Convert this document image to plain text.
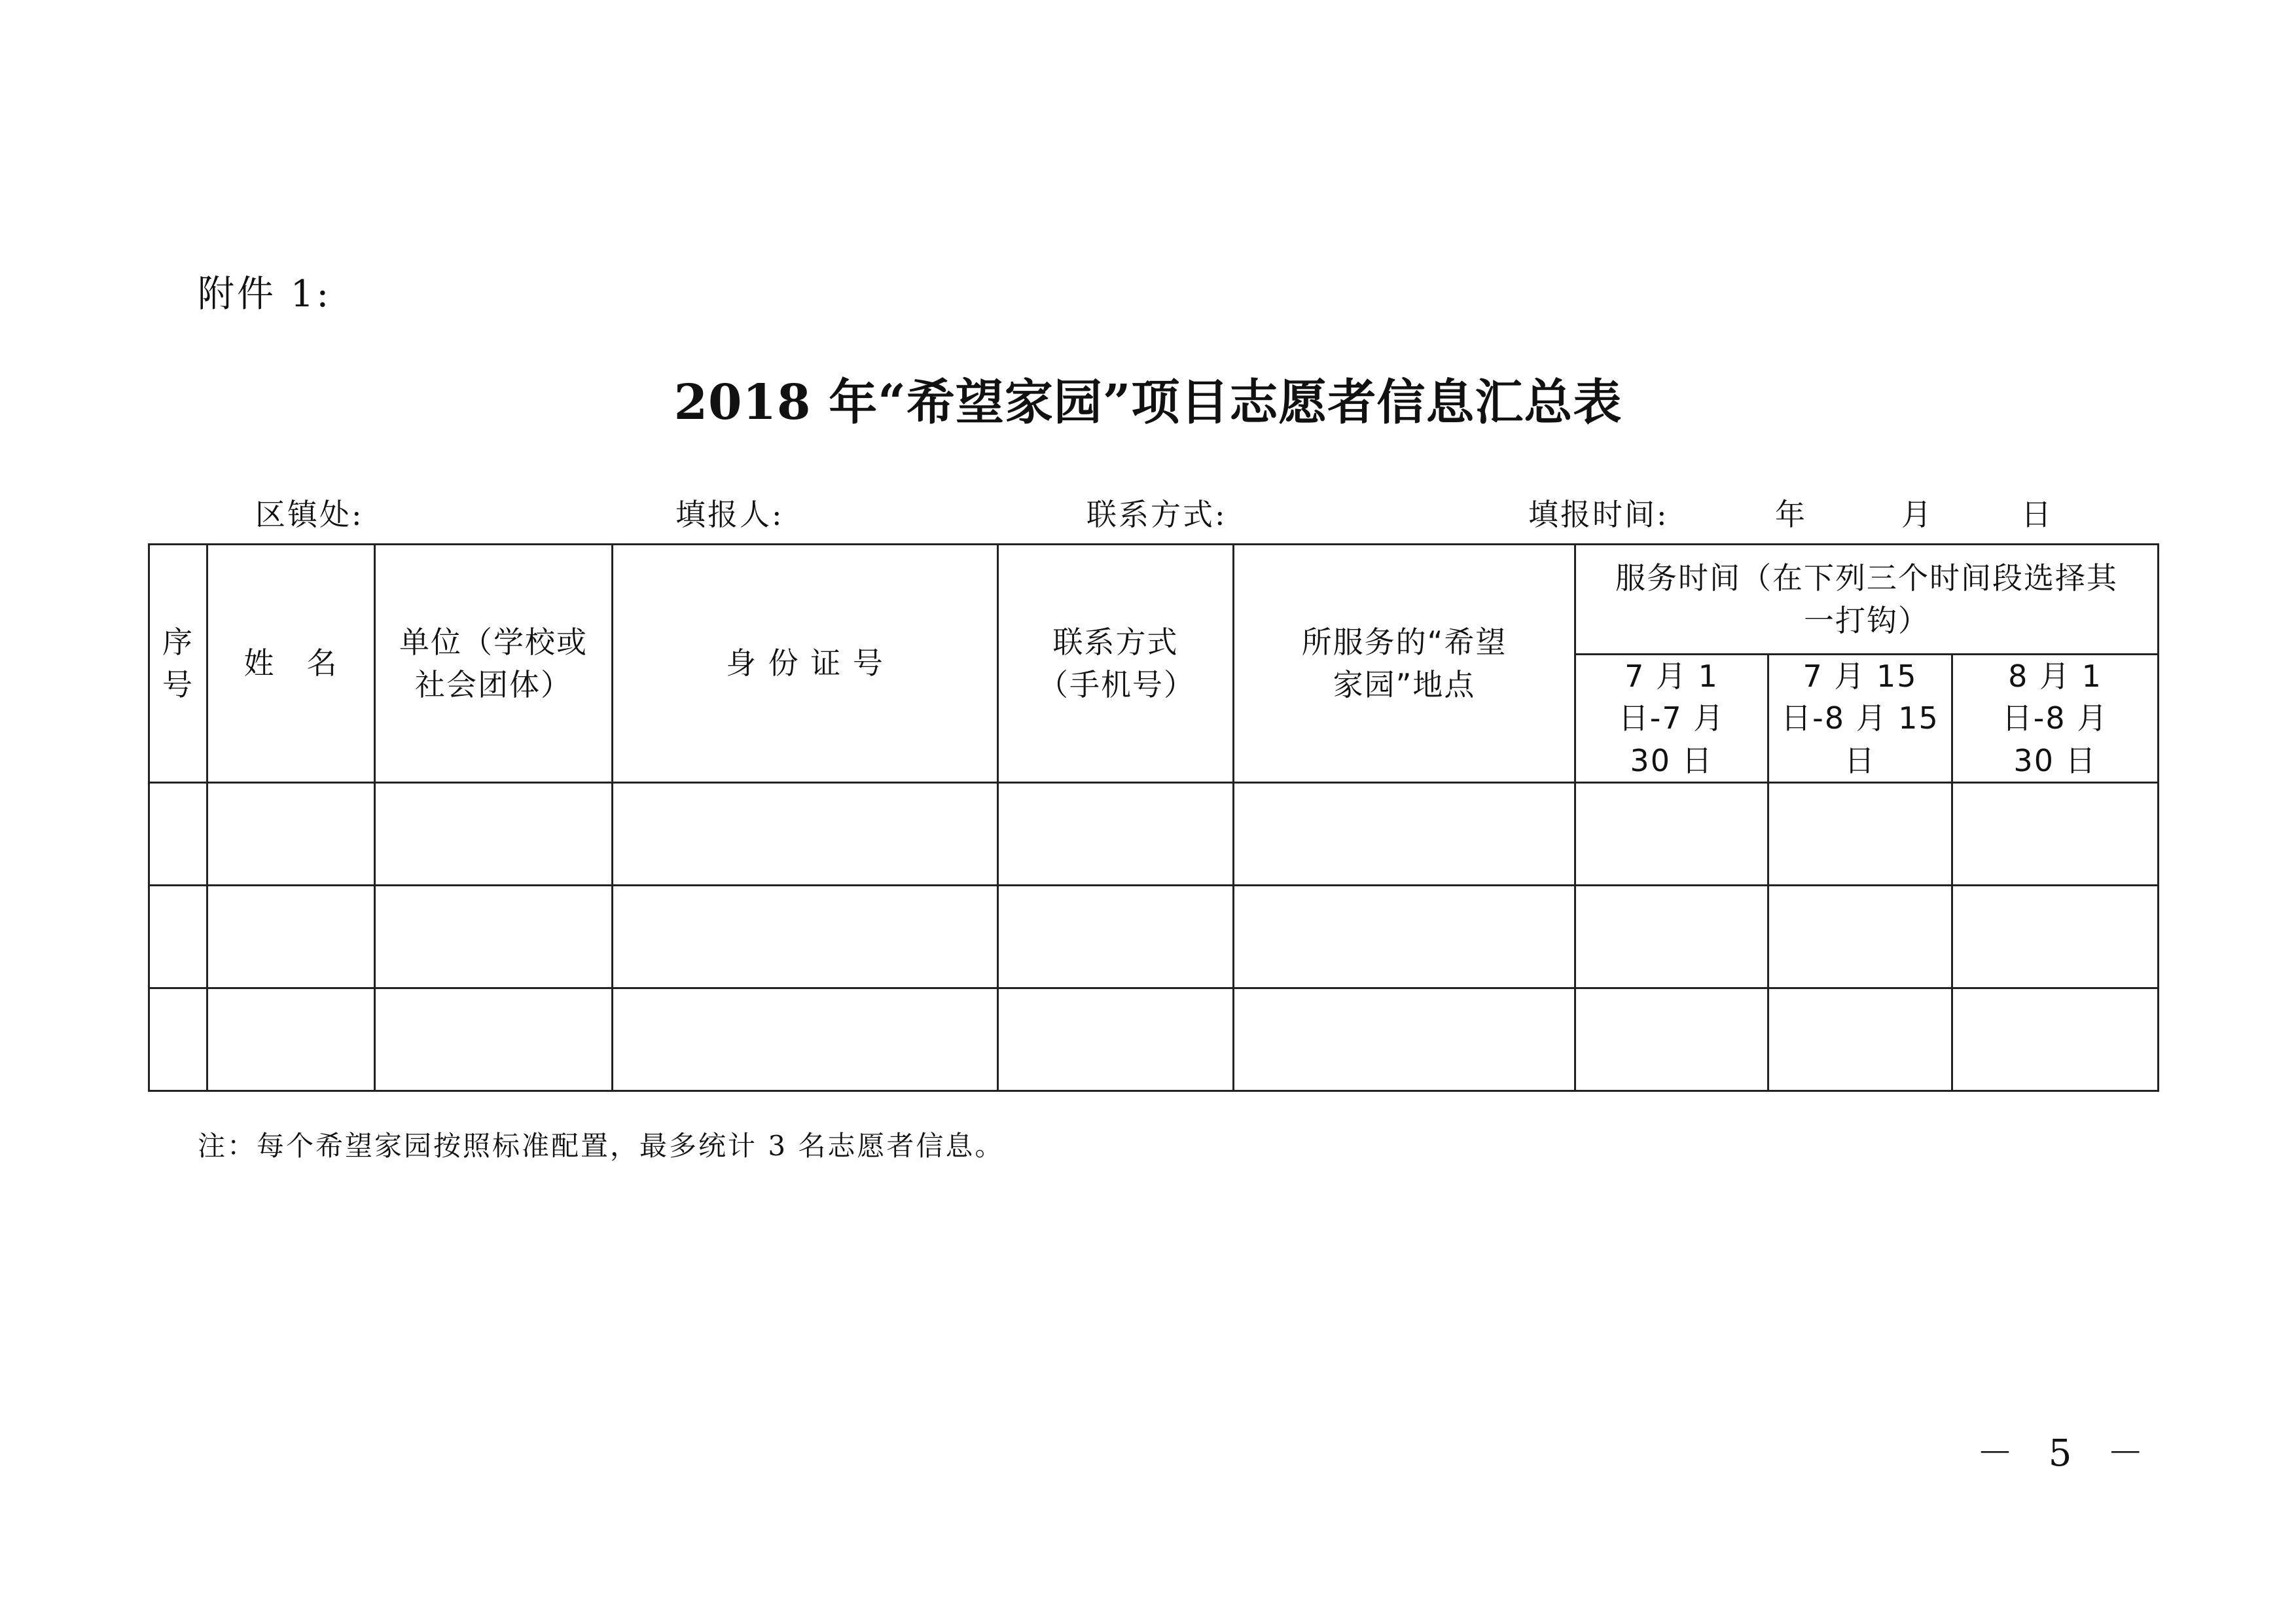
附件 1:
2018 年“希望家园”项目志愿者信息汇总表
区镇处:	填报人:	联系方式:	填报时间:	年	月	日
序号	姓　名	单位（学校或社会团体）	身 份 证 号	联系方式（手机号）	所服务的“希望家园”地点	服务时间（在下列三个时间段选择其一打钩）		
						7 月 1 日-7 月 30 日	7 月 15 日-8 月 15 日	8 月 1 日-8 月 30 日

注：每个希望家园按照标准配置，最多统计 3 名志愿者信息。
－ 5 －
